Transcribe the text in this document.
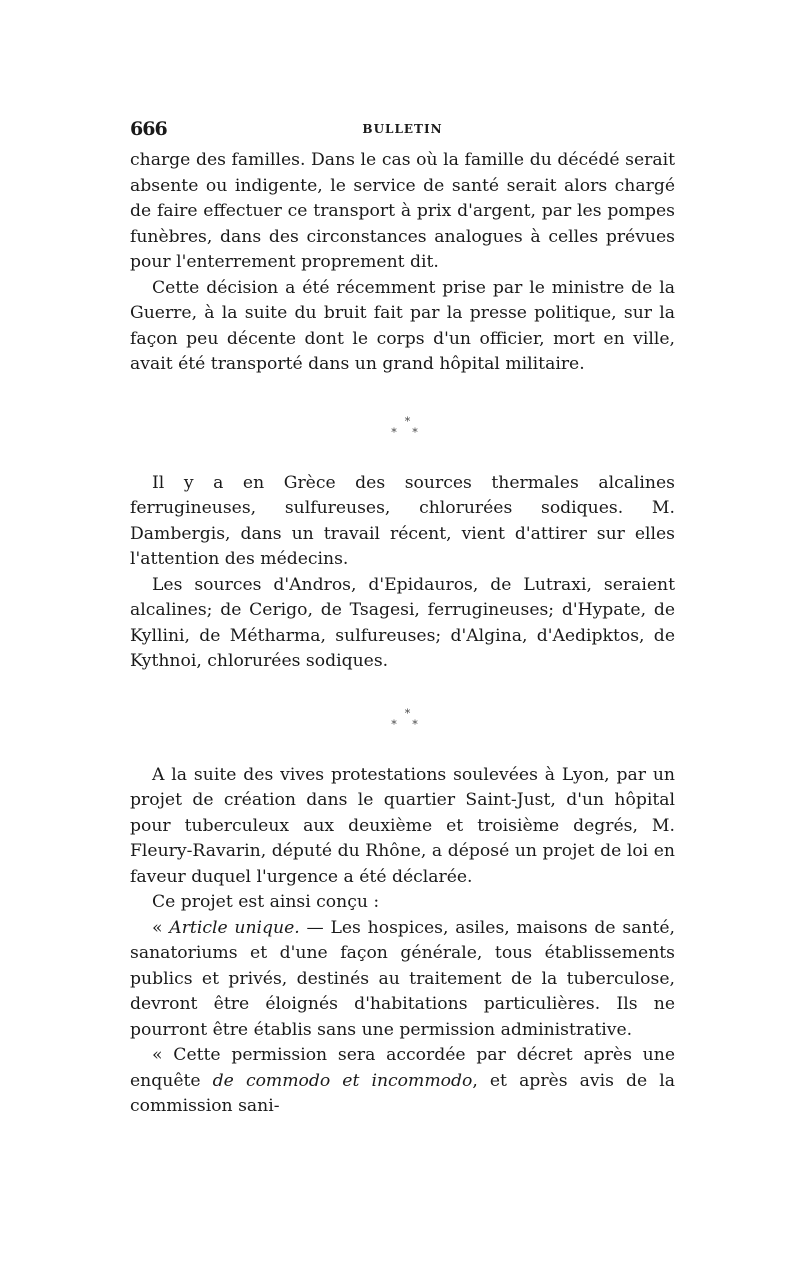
666	BULLETIN

charge des familles. Dans le cas où la famille du décédé serait absente ou indigente, le service de santé serait alors chargé de faire effectuer ce transport à prix d'argent, par les pompes funèbres, dans des circonstances analogues à celles prévues pour l'enterrement proprement dit.

Cette décision a été récemment prise par le ministre de la Guerre, à la suite du bruit fait par la presse politique, sur la façon peu décente dont le corps d'un officier, mort en ville, avait été transporté dans un grand hôpital militaire.

*
* *

Il y a en Grèce des sources thermales alcalines ferrugineuses, sulfureuses, chlorurées sodiques. M. Dambergis, dans un travail récent, vient d'attirer sur elles l'attention des médecins.

Les sources d'Andros, d'Epidauros, de Lutraxi, seraient alcalines; de Cerigo, de Tsagesi, ferrugineuses; d'Hypate, de Kyllini, de Métharma, sulfureuses; d'Algina, d'Aedipktos, de Kythnoi, chlorurées sodiques.

*
* *

A la suite des vives protestations soulevées à Lyon, par un projet de création dans le quartier Saint-Just, d'un hôpital pour tuberculeux aux deuxième et troisième degrés, M. Fleury-Ravarin, député du Rhône, a déposé un projet de loi en faveur duquel l'urgence a été déclarée.

Ce projet est ainsi conçu :

« Article unique. — Les hospices, asiles, maisons de santé, sanatoriums et d'une façon générale, tous établissements publics et privés, destinés au traitement de la tuberculose, devront être éloignés d'habitations particulières. Ils ne pourront être établis sans une permission administrative.

« Cette permission sera accordée par décret après une enquête de commodo et incommodo, et après avis de la commission sani-
